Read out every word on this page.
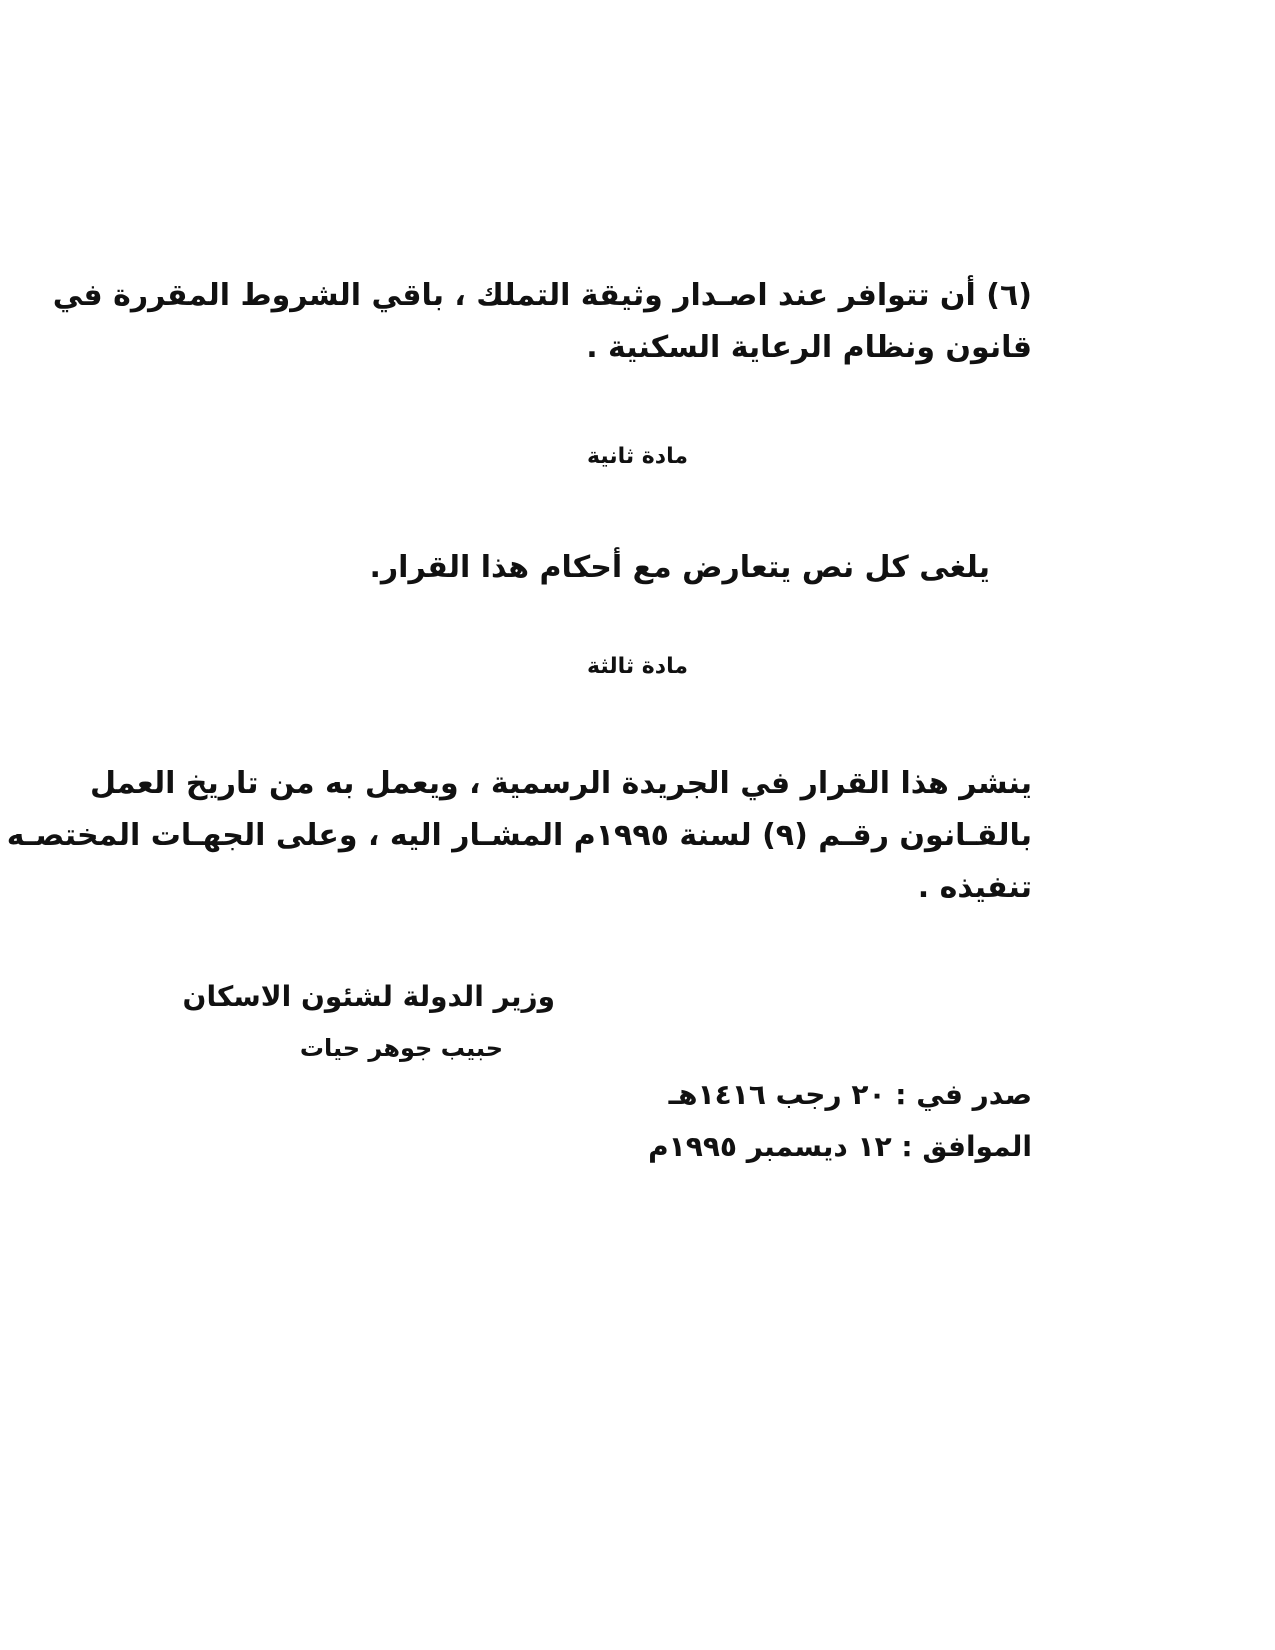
(٦) أن تتوافر عند اصـدار وثيقة التملك ، باقي الشروط المقررة في
قانون ونظام الرعاية السكنية .

مادة ثانية

يلغى كل نص يتعارض مع أحكام هذا القرار.

مادة ثالثة

ينشر هذا القرار في الجريدة الرسمية ، ويعمل به من تاريخ العمل
بالقـانون رقـم (٩) لسنة ١٩٩٥م المشـار اليه ، وعلى الجهـات المختصـه
تنفيذه .

وزير الدولة لشئون الاسكان
حبيب جوهر حيات
صدر في : ٢٠ رجب ١٤١٦هـ
الموافق : ١٢ ديسمبر ١٩٩٥م
